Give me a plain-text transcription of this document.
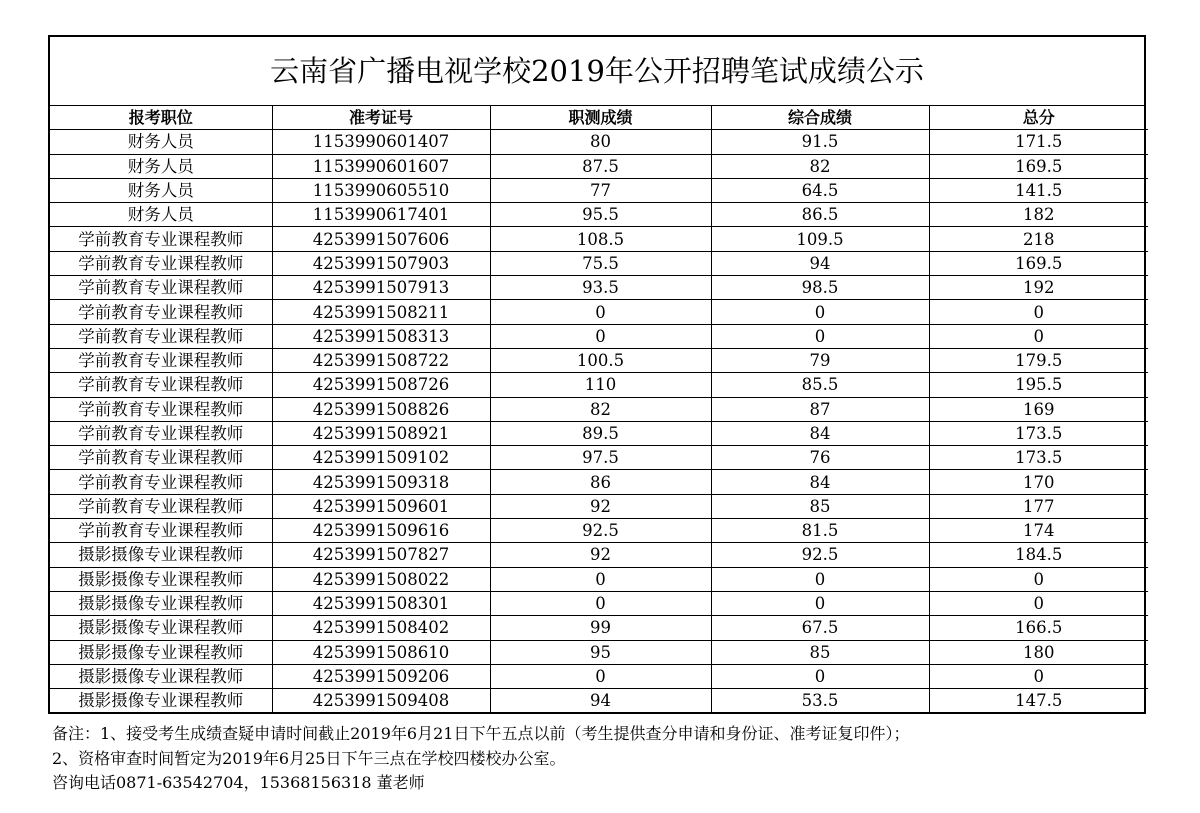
云南省广播电视学校2019年公开招聘笔试成绩公示
报考职位	准考证号	职测成绩	综合成绩	总分
财务人员	1153990601407	80	91.5	171.5
财务人员	1153990601607	87.5	82	169.5
财务人员	1153990605510	77	64.5	141.5
财务人员	1153990617401	95.5	86.5	182
学前教育专业课程教师	4253991507606	108.5	109.5	218
学前教育专业课程教师	4253991507903	75.5	94	169.5
学前教育专业课程教师	4253991507913	93.5	98.5	192
学前教育专业课程教师	4253991508211	0	0	0
学前教育专业课程教师	4253991508313	0	0	0
学前教育专业课程教师	4253991508722	100.5	79	179.5
学前教育专业课程教师	4253991508726	110	85.5	195.5
学前教育专业课程教师	4253991508826	82	87	169
学前教育专业课程教师	4253991508921	89.5	84	173.5
学前教育专业课程教师	4253991509102	97.5	76	173.5
学前教育专业课程教师	4253991509318	86	84	170
学前教育专业课程教师	4253991509601	92	85	177
学前教育专业课程教师	4253991509616	92.5	81.5	174
摄影摄像专业课程教师	4253991507827	92	92.5	184.5
摄影摄像专业课程教师	4253991508022	0	0	0
摄影摄像专业课程教师	4253991508301	0	0	0
摄影摄像专业课程教师	4253991508402	99	67.5	166.5
摄影摄像专业课程教师	4253991508610	95	85	180
摄影摄像专业课程教师	4253991509206	0	0	0
摄影摄像专业课程教师	4253991509408	94	53.5	147.5
备注：1、接受考生成绩查疑申请时间截止2019年6月21日下午五点以前（考生提供查分申请和身份证、准考证复印件）；
2、资格审查时间暂定为2019年6月25日下午三点在学校四楼校办公室。
咨询电话0871-63542704，15368156318 董老师
